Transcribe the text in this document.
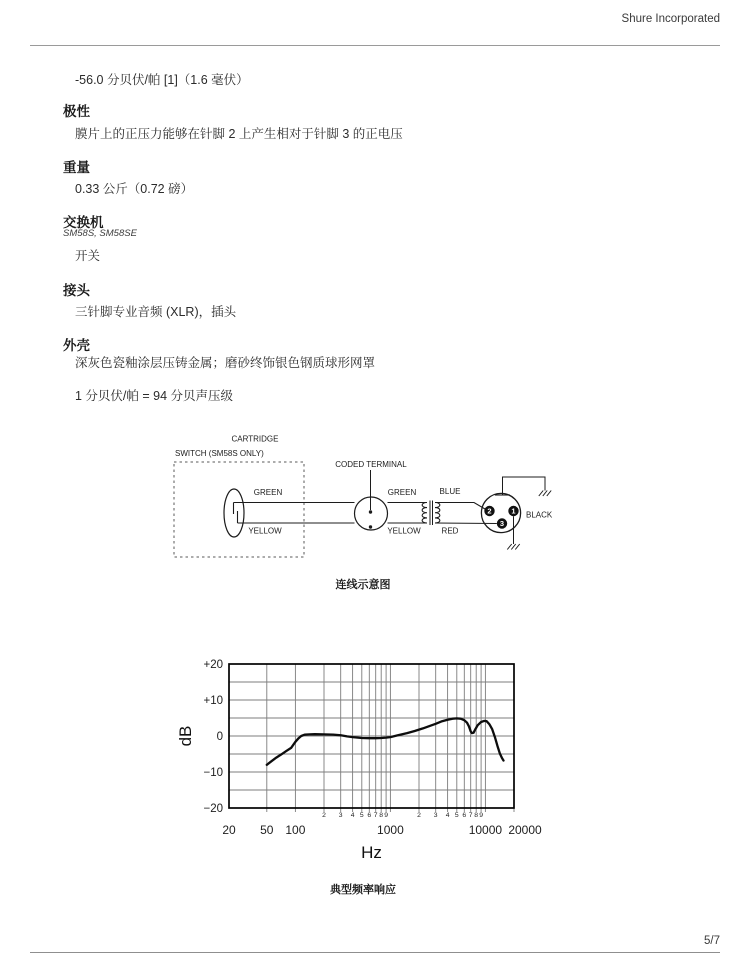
Shure Incorporated
-56.0 分贝伏/帕 [1]（1.6 毫伏）
极性
膜片上的正压力能够在针脚 2 上产生相对于针脚 3 的正电压
重量
0.33 公斤（0.72 磅）
交换机
SM58S, SM58SE
开关
接头
三针脚专业音频 (XLR)，插头
外壳
深灰色瓷釉涂层压铸金属；磨砂终饰银色钢质球形网罩
1 分贝伏/帕 = 94 分贝声压级
CARTRIDGE
SWITCH (SM58S ONLY)
GREEN
YELLOW
CODED TERMINAL
GREEN
YELLOW
BLUE
RED
2	1
3
BLACK
连线示意图
+20
+10
0
−10
−20
20 50 100	1000	10000 20000
2 3 4 5 6 7 8 9	2 3 4 5 6 7 8 9
dB
Hz
典型频率响应
5/7
